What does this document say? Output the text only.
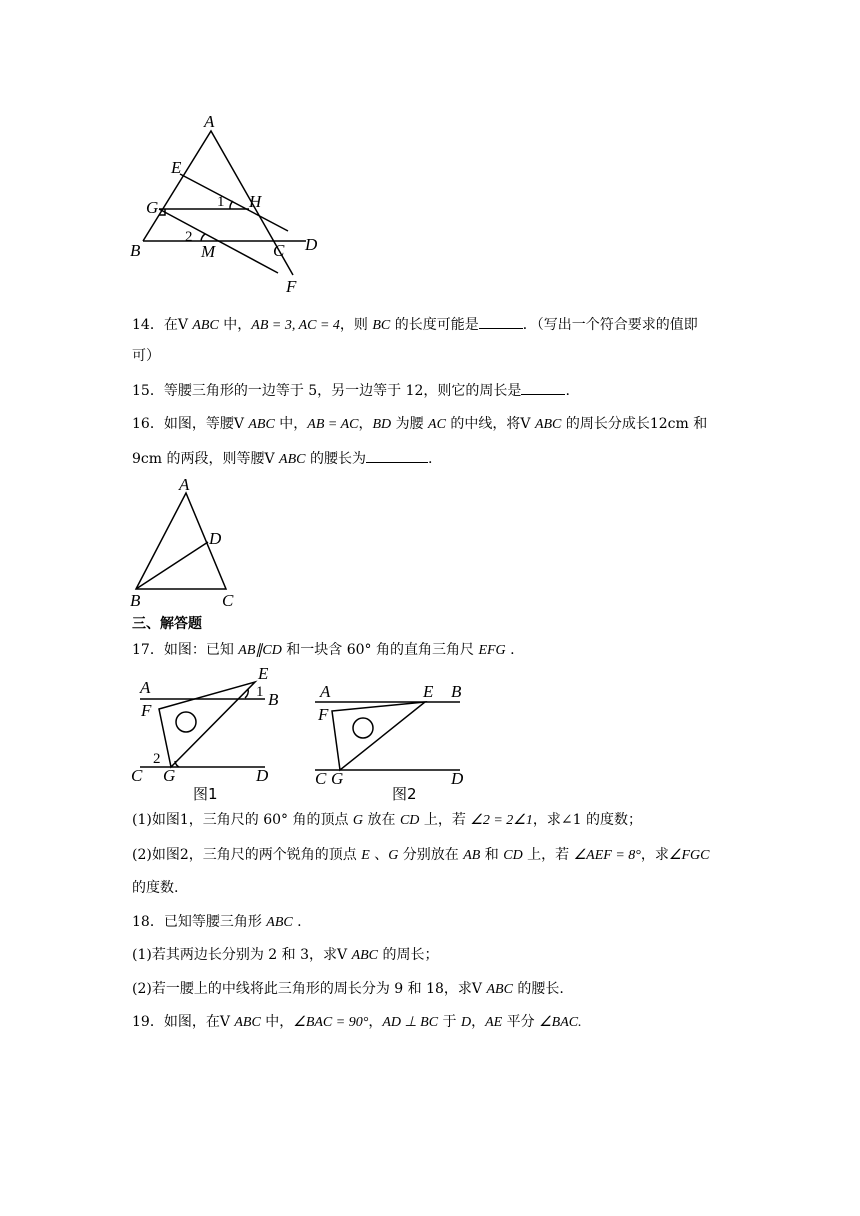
A
E
G	H
B	M	C D
F
1
2
14．在V ABC 中，AB = 3, AC = 4，则 BC 的长度可能是	．（写出一个符合要求的值即
可）
15．等腰三角形的一边等于 5，另一边等于 12，则它的周长是	.
16．如图，等腰V ABC 中，AB = AC，BD 为腰 AC 的中线，将V ABC 的周长分成长12cm 和
9cm 的两段，则等腰V ABC 的腰长为	.
A
D
B	C
三、解答题
17．如图：已知 AB∥CD 和一块含 60° 角的直角三角尺 EFG .
A
E
B
F
C G	D
1
2
图1
A	E B
F
C G	D
图2
(1)如图1，三角尺的 60° 角的顶点 G 放在 CD 上，若 ∠2 = 2∠1，求∠1 的度数；
(2)如图2，三角尺的两个锐角的顶点 E 、G 分别放在 AB 和 CD 上，若 ∠AEF = 8°，求∠FGC
的度数.
18．已知等腰三角形 ABC .
(1)若其两边长分别为 2 和 3，求V ABC 的周长；
(2)若一腰上的中线将此三角形的周长分为 9 和 18，求V ABC 的腰长.
19．如图，在V ABC 中，∠BAC = 90°，AD ⊥ BC 于 D，AE 平分 ∠BAC.
